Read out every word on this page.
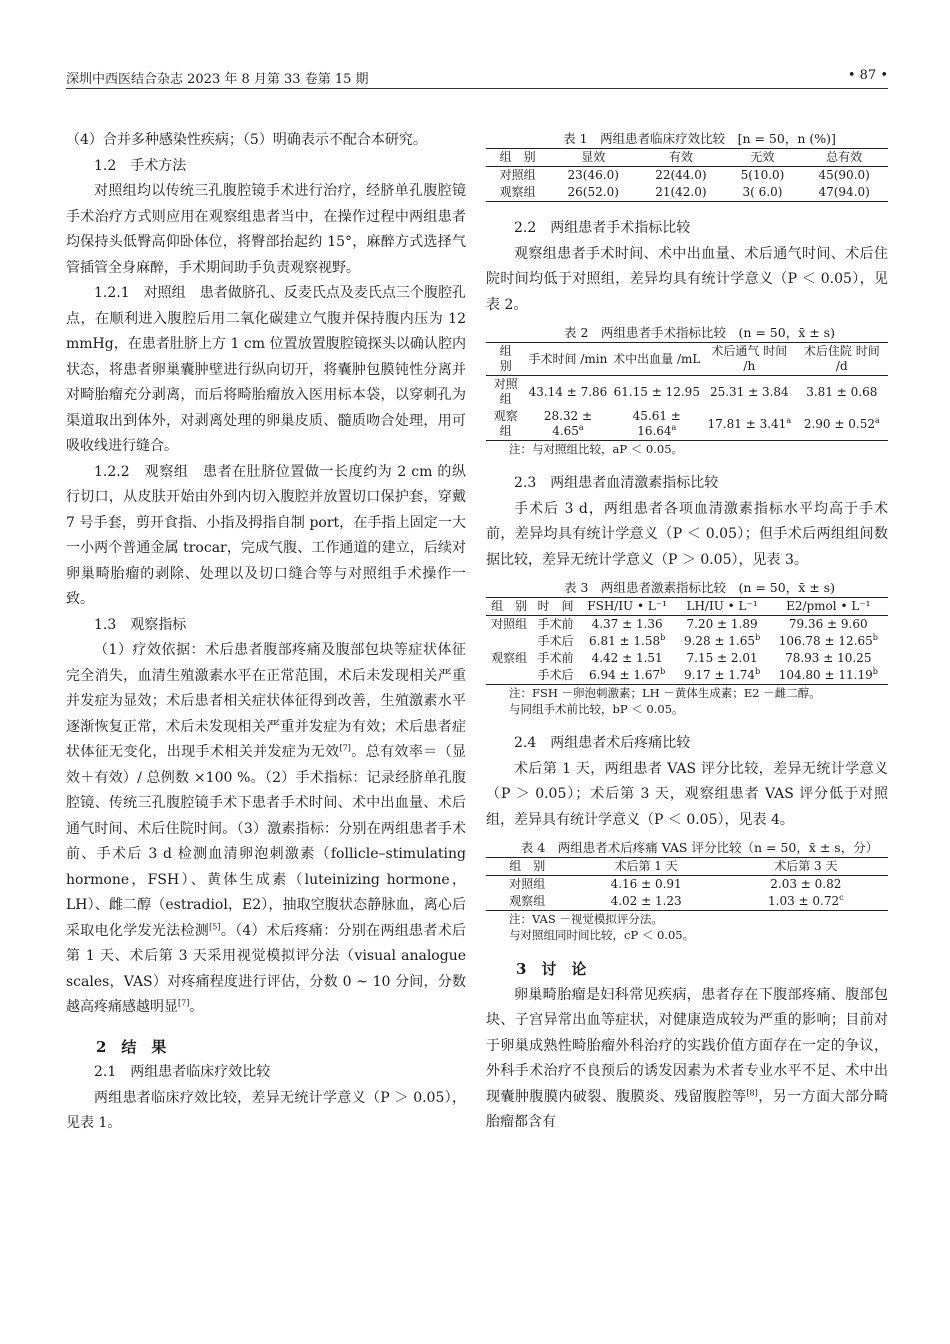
深圳中西医结合杂志 2023 年 8 月第 33 卷第 15 期	• 87 •

（4）合并多种感染性疾病；（5）明确表示不配合本研究。

1.2　手术方法

对照组均以传统三孔腹腔镜手术进行治疗，经脐单孔腹腔镜手术治疗方式则应用在观察组患者当中，在操作过程中两组患者均保持头低臀高仰卧体位，将臀部抬起约 15°，麻醉方式选择气管插管全身麻醉，手术期间助手负责观察视野。

1.2.1　对照组　患者做脐孔、反麦氏点及麦氏点三个腹腔孔点，在顺利进入腹腔后用二氧化碳建立气腹并保持腹内压为 12 mmHg，在患者肚脐上方 1 cm 位置放置腹腔镜探头以确认腔内状态，将患者卵巢囊肿壁进行纵向切开，将囊肿包膜钝性分离并对畸胎瘤充分剥离，而后将畸胎瘤放入医用标本袋，以穿刺孔为渠道取出到体外，对剥离处理的卵巢皮质、髓质吻合处理，用可吸收线进行缝合。

1.2.2　观察组　患者在肚脐位置做一长度约为 2 cm 的纵行切口，从皮肤开始由外到内切入腹腔并放置切口保护套，穿戴 7 号手套，剪开食指、小指及拇指自制 port，在手指上固定一大一小两个普通金属 trocar，完成气腹、工作通道的建立，后续对卵巢畸胎瘤的剥除、处理以及切口缝合等与对照组手术操作一致。

1.3　观察指标

（1）疗效依据：术后患者腹部疼痛及腹部包块等症状体征完全消失，血清生殖激素水平在正常范围，术后未发现相关严重并发症为显效；术后患者相关症状体征得到改善，生殖激素水平逐渐恢复正常，术后未发现相关严重并发症为有效；术后患者症状体征无变化，出现手术相关并发症为无效[7]。总有效率＝（显效＋有效）/ 总例数 ×100 %。（2）手术指标：记录经脐单孔腹腔镜、传统三孔腹腔镜手术下患者手术时间、术中出血量、术后通气时间、术后住院时间。（3）激素指标：分别在两组患者手术前、手术后 3 d 检测血清卵泡刺激素（follicle–stimulating hormone，FSH）、黄体生成素（luteinizing hormone，LH）、雌二醇（estradiol，E2），抽取空腹状态静脉血，离心后采取电化学发光法检测[5]。（4）术后疼痛：分别在两组患者术后第 1 天、术后第 3 天采用视觉模拟评分法（visual analogue scales，VAS）对疼痛程度进行评估，分数 0 ~ 10 分间，分数越高疼痛感越明显[7]。

2　结　果

2.1　两组患者临床疗效比较

两组患者临床疗效比较，差异无统计学意义（P ＞ 0.05），见表 1。

表 1　两组患者临床疗效比较　[n = 50，n (%)]

组　别	显效	有效	无效	总有效
对照组	23(46.0)	22(44.0)	5(10.0)	45(90.0)
观察组	26(52.0)	21(42.0)	3( 6.0)	47(94.0)

2.2　两组患者手术指标比较

观察组患者手术时间、术中出血量、术后通气时间、术后住院时间均低于对照组，差异均具有统计学意义（P ＜ 0.05），见表 2。

表 2　两组患者手术指标比较　(n = 50，x̄ ± s)

组　别	手术时间 /min	术中出血量 /mL	术后通气 时间 /h	术后住院 时间 /d
对照组	43.14 ± 7.86	61.15 ± 12.95	25.31 ± 3.84	3.81 ± 0.68
观察组	28.32 ± 4.65$^a$	45.61 ± 16.64$^a$	17.81 ± 3.41$^a$	2.90 ± 0.52$^a$

注：与对照组比较，aP ＜ 0.05。

2.3　两组患者血清激素指标比较

手术后 3 d，两组患者各项血清激素指标水平均高于手术前，差异均具有统计学意义（P ＜ 0.05）；但手术后两组组间数据比较，差异无统计学意义（P ＞ 0.05），见表 3。

表 3　两组患者激素指标比较　(n = 50，x̄ ± s)

组　别	时　间	FSH/IU • L⁻¹	LH/IU • L⁻¹	E2/pmol • L⁻¹
对照组	手术前	4.37 ± 1.36	7.20 ± 1.89	79.36 ± 9.60
	手术后	6.81 ± 1.58$^b$	9.28 ± 1.65$^b$	106.78 ± 12.65$^b$
观察组	手术前	4.42 ± 1.51	7.15 ± 2.01	78.93 ± 10.25
	手术后	6.94 ± 1.67$^b$	9.17 ± 1.74$^b$	104.80 ± 11.19$^b$

注：FSH －卵泡刺激素；LH －黄体生成素；E2 －雌二醇。

与同组手术前比较，bP ＜ 0.05。

2.4　两组患者术后疼痛比较

术后第 1 天，两组患者 VAS 评分比较，差异无统计学意义（P ＞ 0.05）；术后第 3 天，观察组患者 VAS 评分低于对照组，差异具有统计学意义（P ＜ 0.05），见表 4。

表 4　两组患者术后疼痛 VAS 评分比较（n = 50，x̄ ± s，分）

组　别	术后第 1 天	术后第 3 天
对照组	4.16 ± 0.91	2.03 ± 0.82
观察组	4.02 ± 1.23	1.03 ± 0.72$^c$

注：VAS －视觉模拟评分法。

与对照组同时间比较，cP ＜ 0.05。

3　讨　论

卵巢畸胎瘤是妇科常见疾病，患者存在下腹部疼痛、腹部包块、子宫异常出血等症状，对健康造成较为严重的影响；目前对于卵巢成熟性畸胎瘤外科治疗的实践价值方面存在一定的争议，外科手术治疗不良预后的诱发因素为术者专业水平不足、术中出现囊肿腹膜内破裂、腹膜炎、残留腹腔等[8]，另一方面大部分畸胎瘤都含有
